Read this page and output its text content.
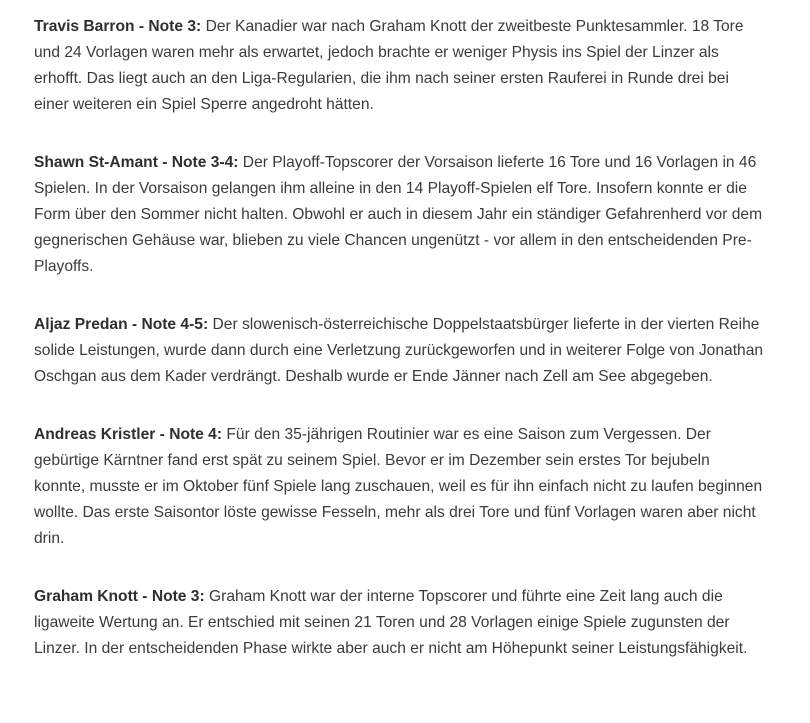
Travis Barron - Note 3: Der Kanadier war nach Graham Knott der zweitbeste Punktesammler. 18 Tore und 24 Vorlagen waren mehr als erwartet, jedoch brachte er weniger Physis ins Spiel der Linzer als erhofft. Das liegt auch an den Liga-Regularien, die ihm nach seiner ersten Rauferei in Runde drei bei einer weiteren ein Spiel Sperre angedroht hätten.

Shawn St-Amant - Note 3-4: Der Playoff-Topscorer der Vorsaison lieferte 16 Tore und 16 Vorlagen in 46 Spielen. In der Vorsaison gelangen ihm alleine in den 14 Playoff-Spielen elf Tore. Insofern konnte er die Form über den Sommer nicht halten. Obwohl er auch in diesem Jahr ein ständiger Gefahrenherd vor dem gegnerischen Gehäuse war, blieben zu viele Chancen ungenützt - vor allem in den entscheidenden Pre-Playoffs.

Aljaz Predan - Note 4-5: Der slowenisch-österreichische Doppelstaatsbürger lieferte in der vierten Reihe solide Leistungen, wurde dann durch eine Verletzung zurückgeworfen und in weiterer Folge von Jonathan Oschgan aus dem Kader verdrängt. Deshalb wurde er Ende Jänner nach Zell am See abgegeben.

Andreas Kristler - Note 4: Für den 35-jährigen Routinier war es eine Saison zum Vergessen. Der gebürtige Kärntner fand erst spät zu seinem Spiel. Bevor er im Dezember sein erstes Tor bejubeln konnte, musste er im Oktober fünf Spiele lang zuschauen, weil es für ihn einfach nicht zu laufen beginnen wollte. Das erste Saisontor löste gewisse Fesseln, mehr als drei Tore und fünf Vorlagen waren aber nicht drin.

Graham Knott - Note 3: Graham Knott war der interne Topscorer und führte eine Zeit lang auch die ligaweite Wertung an. Er entschied mit seinen 21 Toren und 28 Vorlagen einige Spiele zugunsten der Linzer. In der entscheidenden Phase wirkte aber auch er nicht am Höhepunkt seiner Leistungsfähigkeit.
